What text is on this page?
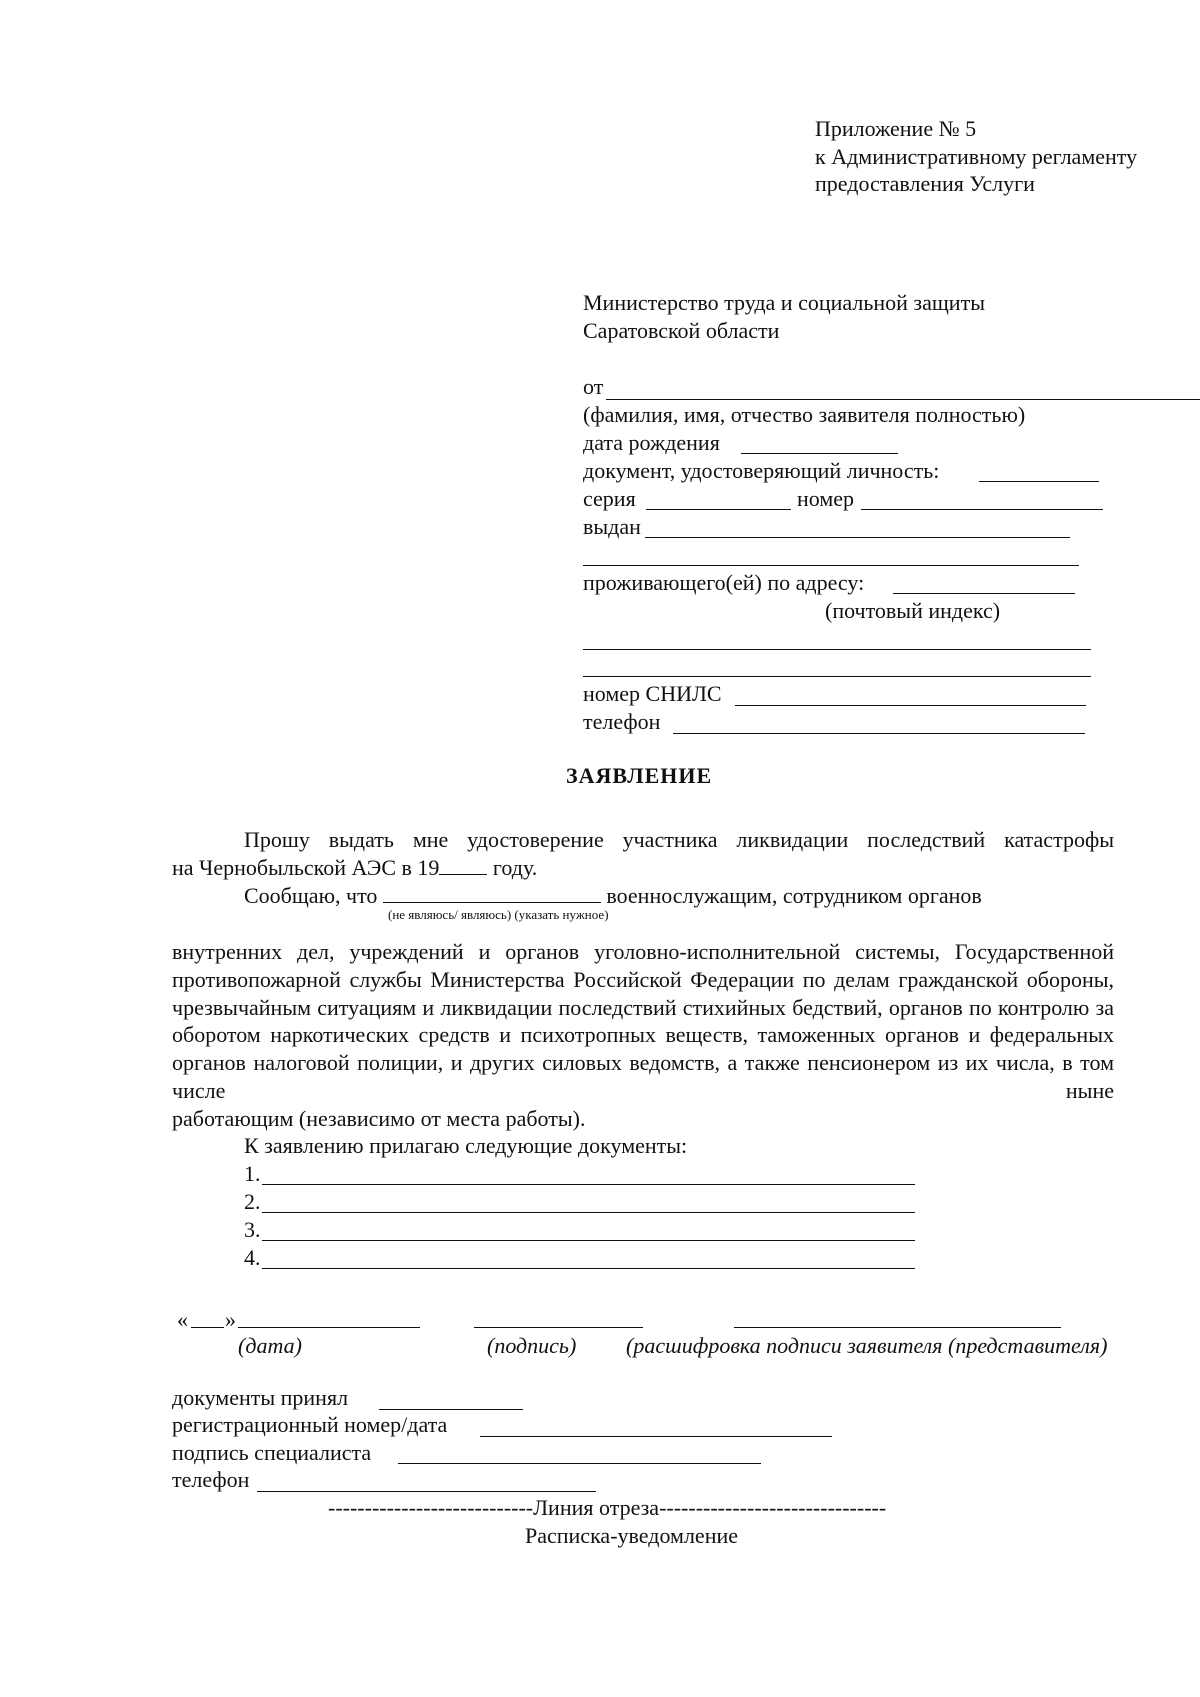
Приложение № 5
к Административному регламенту
предоставления Услуги
Министерство труда и социальной защиты
Саратовской области
от
(фамилия, имя, отчество заявителя полностью)
дата рождения
документ, удостоверяющий личность:
серия	номер
выдан
проживающего(ей) по адресу:
(почтовый индекс)
номер СНИЛС
телефон
ЗАЯВЛЕНИЕ
Прошу выдать мне удостоверение участника ликвидации последствий катастрофы
на Чернобыльской АЭС в 19 году.
Сообщаю, что	военнослужащим, сотрудником органов
(не являюсь/ являюсь) (указать нужное)
внутренних дел, учреждений и органов уголовно-исполнительной системы, Государственной противопожарной службы Министерства Российской Федерации по делам гражданской обороны, чрезвычайным ситуациям и ликвидации последствий стихийных бедствий, органов по контролю за оборотом наркотических средств и психотропных веществ, таможенных органов и федеральных органов налоговой полиции, и других силовых ведомств, а также пенсионером из их числа, в том числе ныне
работающим (независимо от места работы).
К заявлению прилагаю следующие документы:
1.
2.
3.
4.
« »
(дата)	(подпись) (расшифровка подписи заявителя (представителя)
документы принял
регистрационный номер/дата
подпись специалиста
телефон
----------------------------Линия отреза-------------------------------
Расписка-уведомление
